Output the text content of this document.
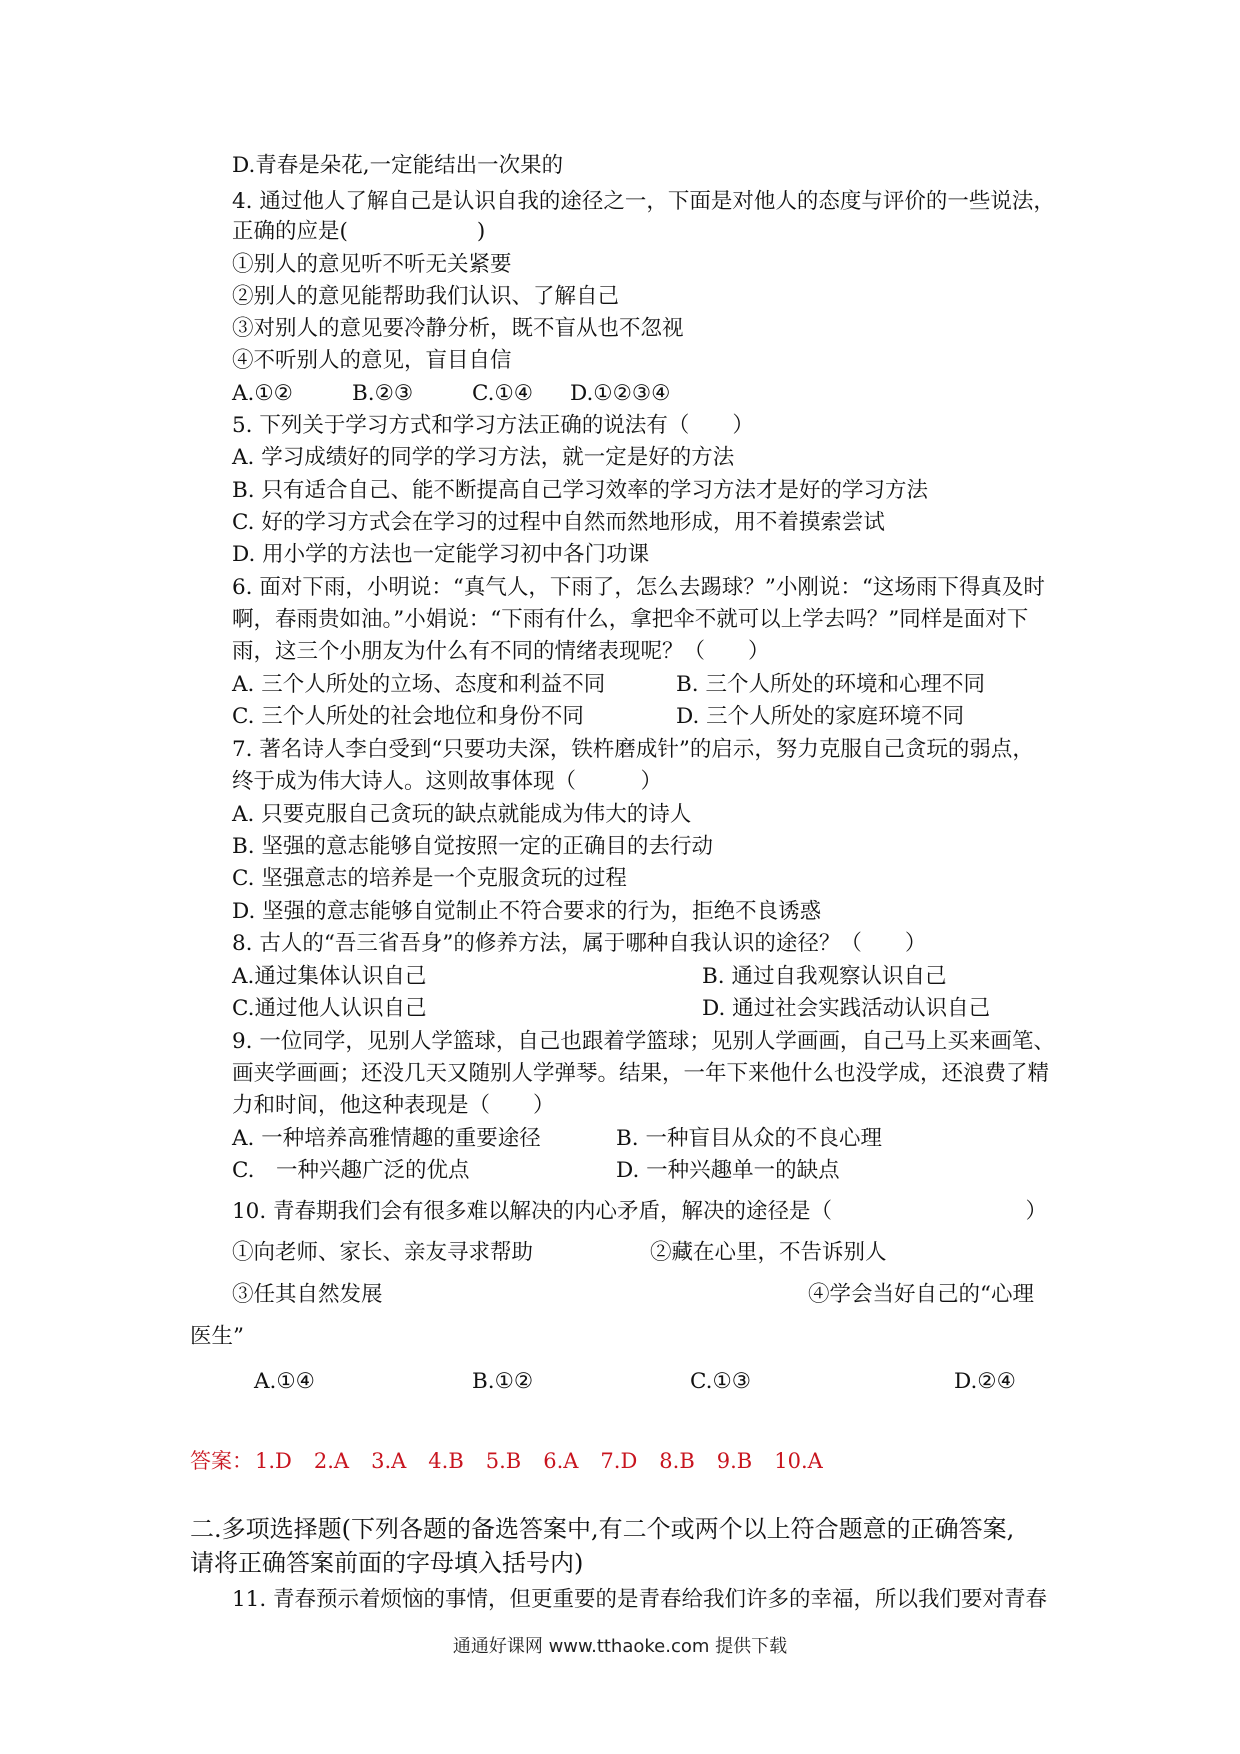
D.青春是朵花,一定能结出一次果的
4. 通过他人了解自己是认识自我的途径之一，下面是对他人的态度与评价的一些说法，
正确的应是(　　　　　　)
①别人的意见听不听无关紧要
②别人的意见能帮助我们认识、了解自己
③对别人的意见要冷静分析，既不盲从也不忽视
④不听别人的意见，盲目自信
A.①②	B.②③	C.①④	D.①②③④
5. 下列关于学习方式和学习方法正确的说法有（　　）
A. 学习成绩好的同学的学习方法，就一定是好的方法
B. 只有适合自己、能不断提高自己学习效率的学习方法才是好的学习方法
C. 好的学习方式会在学习的过程中自然而然地形成，用不着摸索尝试
D. 用小学的方法也一定能学习初中各门功课
6. 面对下雨，小明说：“真气人，下雨了，怎么去踢球？”小刚说：“这场雨下得真及时
啊，春雨贵如油。”小娟说：“下雨有什么，拿把伞不就可以上学去吗？”同样是面对下
雨，这三个小朋友为什么有不同的情绪表现呢？（　　）
A. 三个人所处的立场、态度和利益不同	B. 三个人所处的环境和心理不同
C. 三个人所处的社会地位和身份不同	D. 三个人所处的家庭环境不同
7. 著名诗人李白受到“只要功夫深，铁杵磨成针”的启示，努力克服自己贪玩的弱点，
终于成为伟大诗人。这则故事体现（　　　）
A. 只要克服自己贪玩的缺点就能成为伟大的诗人
B. 坚强的意志能够自觉按照一定的正确目的去行动
C. 坚强意志的培养是一个克服贪玩的过程
D. 坚强的意志能够自觉制止不符合要求的行为，拒绝不良诱惑
8. 古人的“吾三省吾身”的修养方法，属于哪种自我认识的途径？（　　）
A.通过集体认识自己	B. 通过自我观察认识自己
C.通过他人认识自己	D. 通过社会实践活动认识自己
9. 一位同学，见别人学篮球，自己也跟着学篮球；见别人学画画，自己马上买来画笔、
画夹学画画；还没几天又随别人学弹琴。结果，一年下来他什么也没学成，还浪费了精
力和时间，他这种表现是（　　）
A. 一种培养高雅情趣的重要途径	B. 一种盲目从众的不良心理
C.　一种兴趣广泛的优点	D. 一种兴趣单一的缺点
10. 青春期我们会有很多难以解决的内心矛盾，解决的途径是（　　　　　　　　　）
①向老师、家长、亲友寻求帮助	②藏在心里，不告诉别人
③任其自然发展	④学会当好自己的“心理
医生”
A.①④	B.①②	C.①③	D.②④
答案： 1.D 2.A 3.A 4.B 5.B 6.A 7.D 8.B 9.B 10.A
二.多项选择题(下列各题的备选答案中,有二个或两个以上符合题意的正确答案,
请将正确答案前面的字母填入括号内)
11. 青春预示着烦恼的事情，但更重要的是青春给我们许多的幸福，所以我们要对青春
通通好课网 www.tthaoke.com 提供下载
